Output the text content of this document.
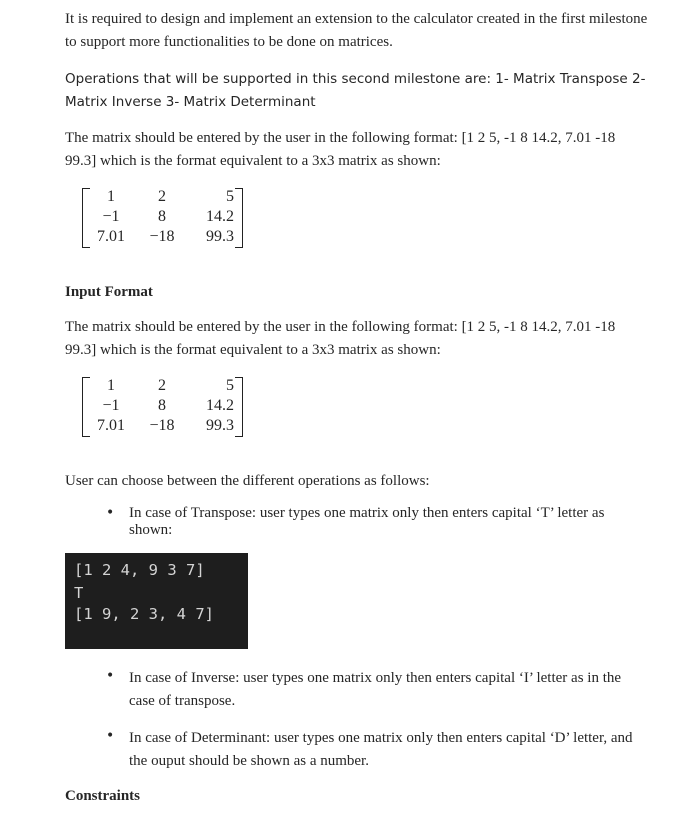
It is required to design and implement an extension to the calculator created in the first milestone to support more functionalities to be done on matrices.

Operations that will be supported in this second milestone are: 1- Matrix Transpose 2- Matrix Inverse 3- Matrix Determinant

The matrix should be entered by the user in the following format: [1 2 5, -1 8 14.2, 7.01 -18 99.3] which is the format equivalent to a 3x3 matrix as shown:

1	2	5
−1	8	14.2
7.01	−18	99.3
Input Format

The matrix should be entered by the user in the following format: [1 2 5, -1 8 14.2, 7.01 -18 99.3] which is the format equivalent to a 3x3 matrix as shown:

1	2	5
−1	8	14.2
7.01	−18	99.3

User can choose between the different operations as follows:

• In case of Transpose: user types one matrix only then enters capital ‘T’ letter as shown:

[1 2 4, 9 3 7]
T
[1 9, 2 3, 4 7]
• In case of Inverse: user types one matrix only then enters capital ‘I’ letter as in the case of transpose.

• In case of Determinant: user types one matrix only then enters capital ‘D’ letter, and the ouput should be shown as a number.

Constraints
